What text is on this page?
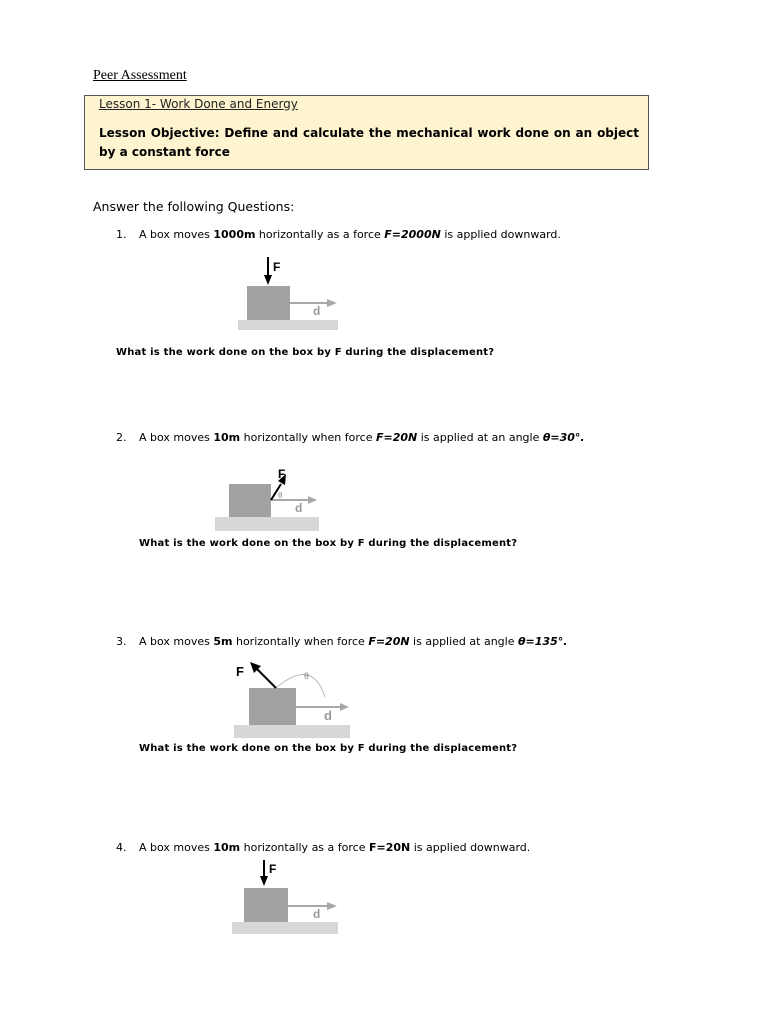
Peer Assessment
Lesson 1- Work Done and Energy
Lesson Objective: Define and calculate the mechanical work done on an object by a constant force
Answer the following Questions:
1. A box moves 1000m horizontally as a force F=2000N is applied downward.
F
d
What is the work done on the box by F during the displacement?
2. A box moves 10m horizontally when force F=20N is applied at an angle θ=30°.
F
θ
d
What is the work done on the box by F during the displacement?
3. A box moves 5m horizontally when force F=20N is applied at angle θ=135°.
F	θ
d
What is the work done on the box by F during the displacement?
4. A box moves 10m horizontally as a force F=20N is applied downward.
F
d
